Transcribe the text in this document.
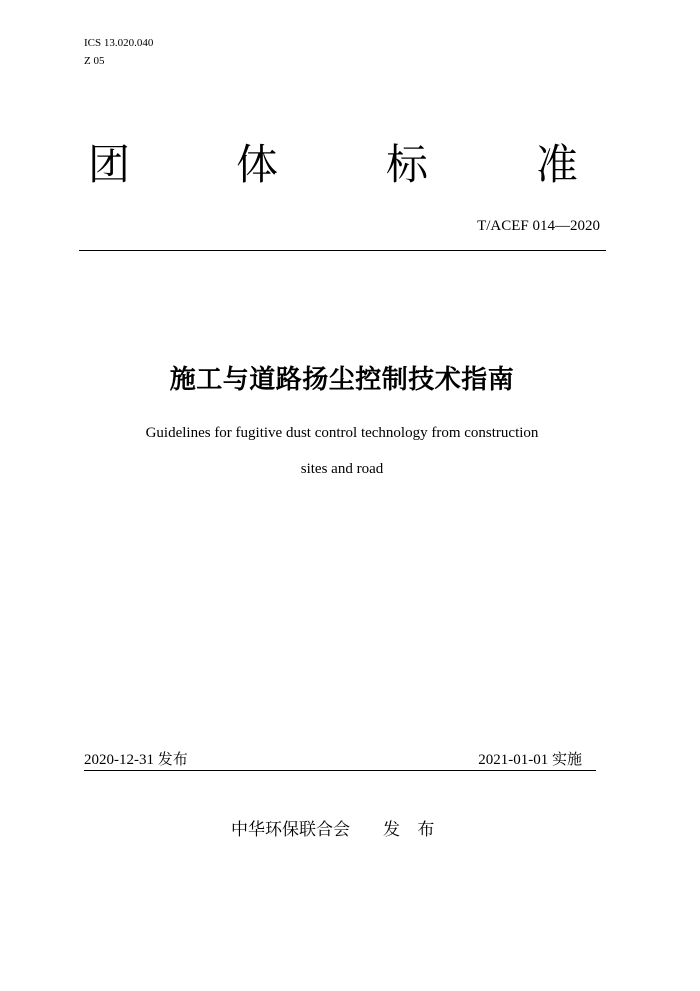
ICS 13.020.040
Z 05
团	体	标	准
T/ACEF 014—2020
施工与道路扬尘控制技术指南
Guidelines for fugitive dust control technology from construction
sites and road
2020-12-31 发布	2021-01-01 实施
中华环保联合会 发 布
